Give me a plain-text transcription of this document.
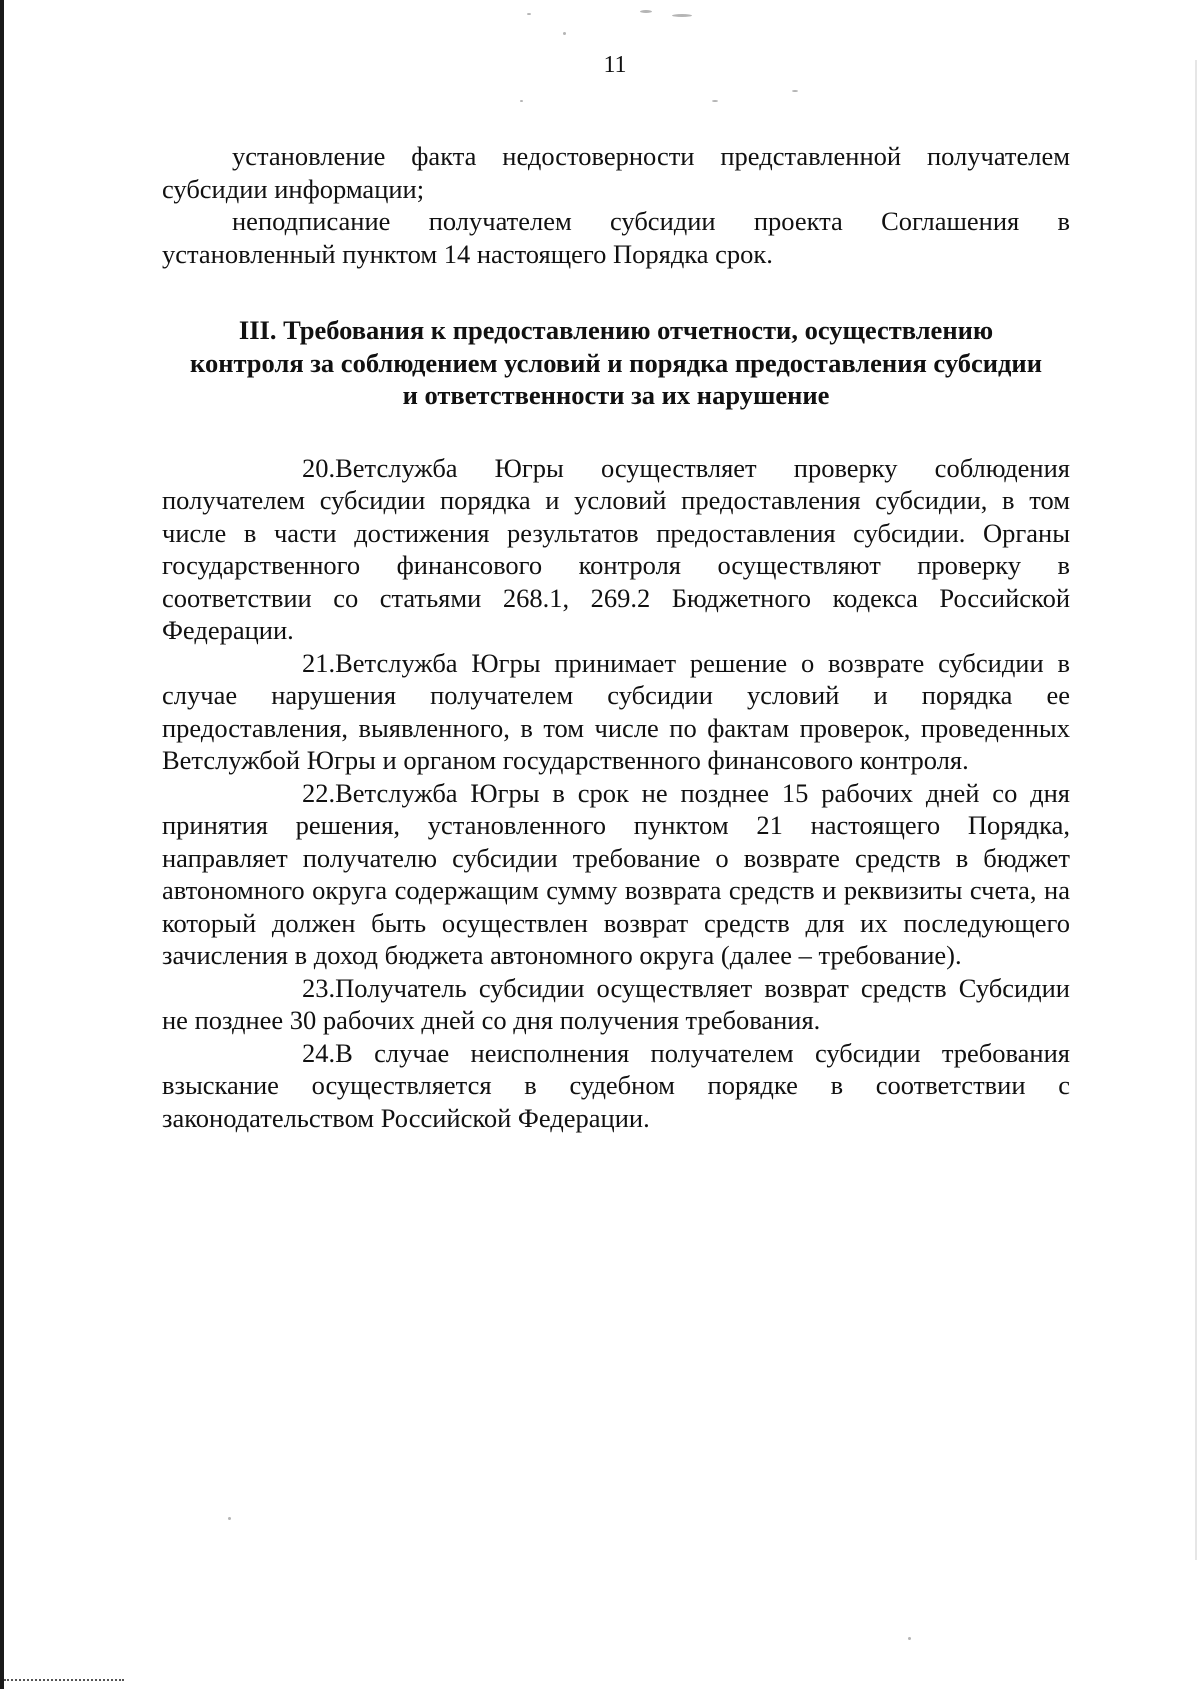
11

установление факта недостоверности представленной получателем субсидии информации;

неподписание получателем субсидии проекта Соглашения в установленный пунктом 14 настоящего Порядка срок.

III. Требования к предоставлению отчетности, осуществлению
контроля за соблюдением условий и порядка предоставления субсидии
и ответственности за их нарушение

20.Ветслужба Югры осуществляет проверку соблюдения получателем субсидии порядка и условий предоставления субсидии, в том числе в части достижения результатов предоставления субсидии. Органы государственного финансового контроля осуществляют проверку в соответствии со статьями 268.1, 269.2 Бюджетного кодекса Российской Федерации.

21.Ветслужба Югры принимает решение о возврате субсидии в случае нарушения получателем субсидии условий и порядка ее предоставления, выявленного, в том числе по фактам проверок, проведенных Ветслужбой Югры и органом государственного финансового контроля.

22.Ветслужба Югры в срок не позднее 15 рабочих дней со дня принятия решения, установленного пунктом 21 настоящего Порядка, направляет получателю субсидии требование о возврате средств в бюджет автономного округа содержащим сумму возврата средств и реквизиты счета, на который должен быть осуществлен возврат средств для их последующего зачисления в доход бюджета автономного округа (далее – требование).

23.Получатель субсидии осуществляет возврат средств Субсидии не позднее 30 рабочих дней со дня получения требования.

24.В случае неисполнения получателем субсидии требования взыскание осуществляется в судебном порядке в соответствии с законодательством Российской Федерации.
